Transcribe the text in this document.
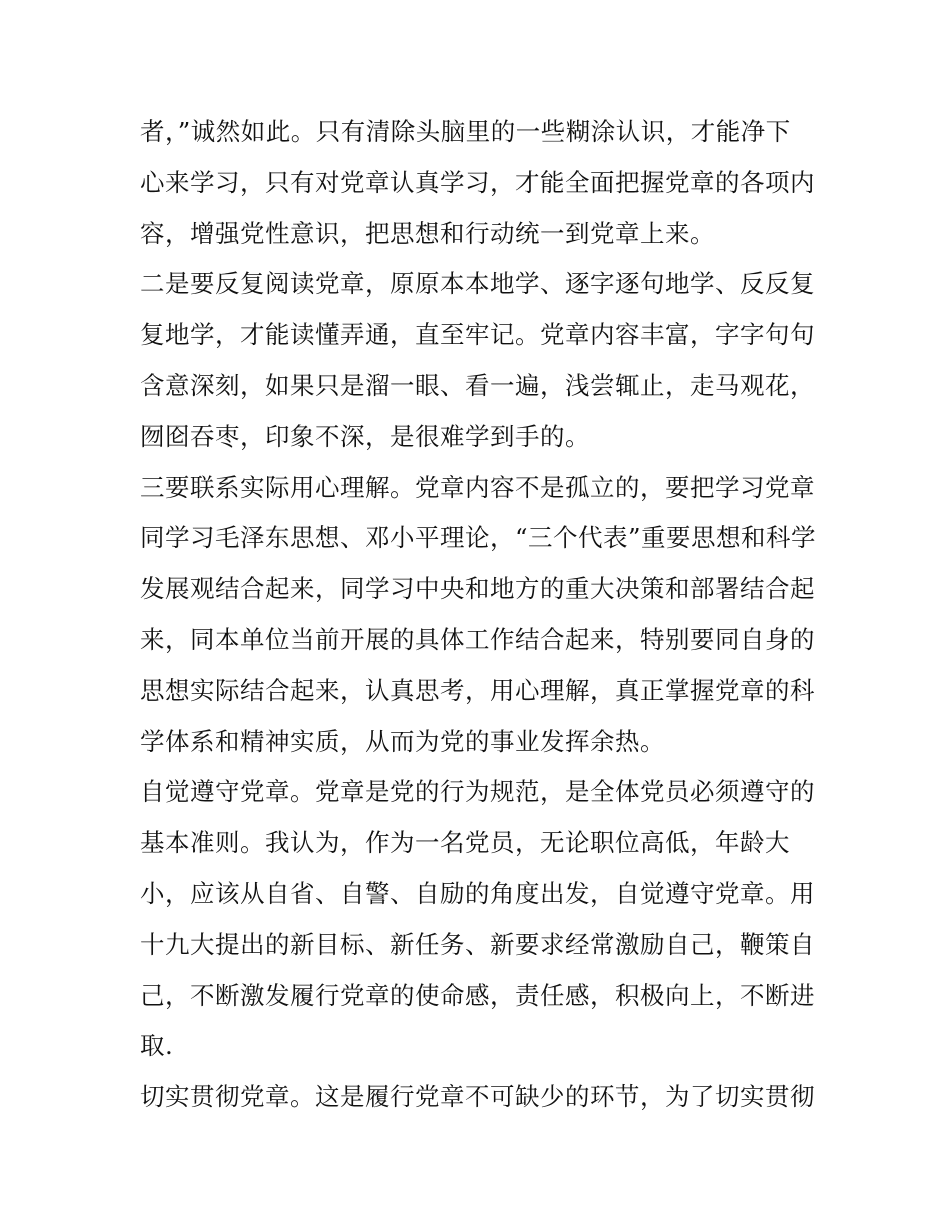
者，”诚然如此。只有清除头脑里的一些糊涂认识，才能净下
心来学习，只有对党章认真学习，才能全面把握党章的各项内
容，增强党性意识，把思想和行动统一到党章上来。
二是要反复阅读党章，原原本本地学、逐字逐句地学、反反复
复地学，才能读懂弄通，直至牢记。党章内容丰富，字字句句
含意深刻，如果只是溜一眼、看一遍，浅尝辄止，走马观花，
囫囵吞枣，印象不深，是很难学到手的。
三要联系实际用心理解。党章内容不是孤立的，要把学习党章
同学习毛泽东思想、邓小平理论，“三个代表”重要思想和科学
发展观结合起来，同学习中央和地方的重大决策和部署结合起
来，同本单位当前开展的具体工作结合起来，特别要同自身的
思想实际结合起来，认真思考，用心理解，真正掌握党章的科
学体系和精神实质，从而为党的事业发挥余热。
自觉遵守党章。党章是党的行为规范，是全体党员必须遵守的
基本准则。我认为，作为一名党员，无论职位高低，年龄大
小，应该从自省、自警、自励的角度出发，自觉遵守党章。用
十九大提出的新目标、新任务、新要求经常激励自己，鞭策自
己，不断激发履行党章的使命感，责任感，积极向上，不断进
取.
切实贯彻党章。这是履行党章不可缺少的环节，为了切实贯彻
